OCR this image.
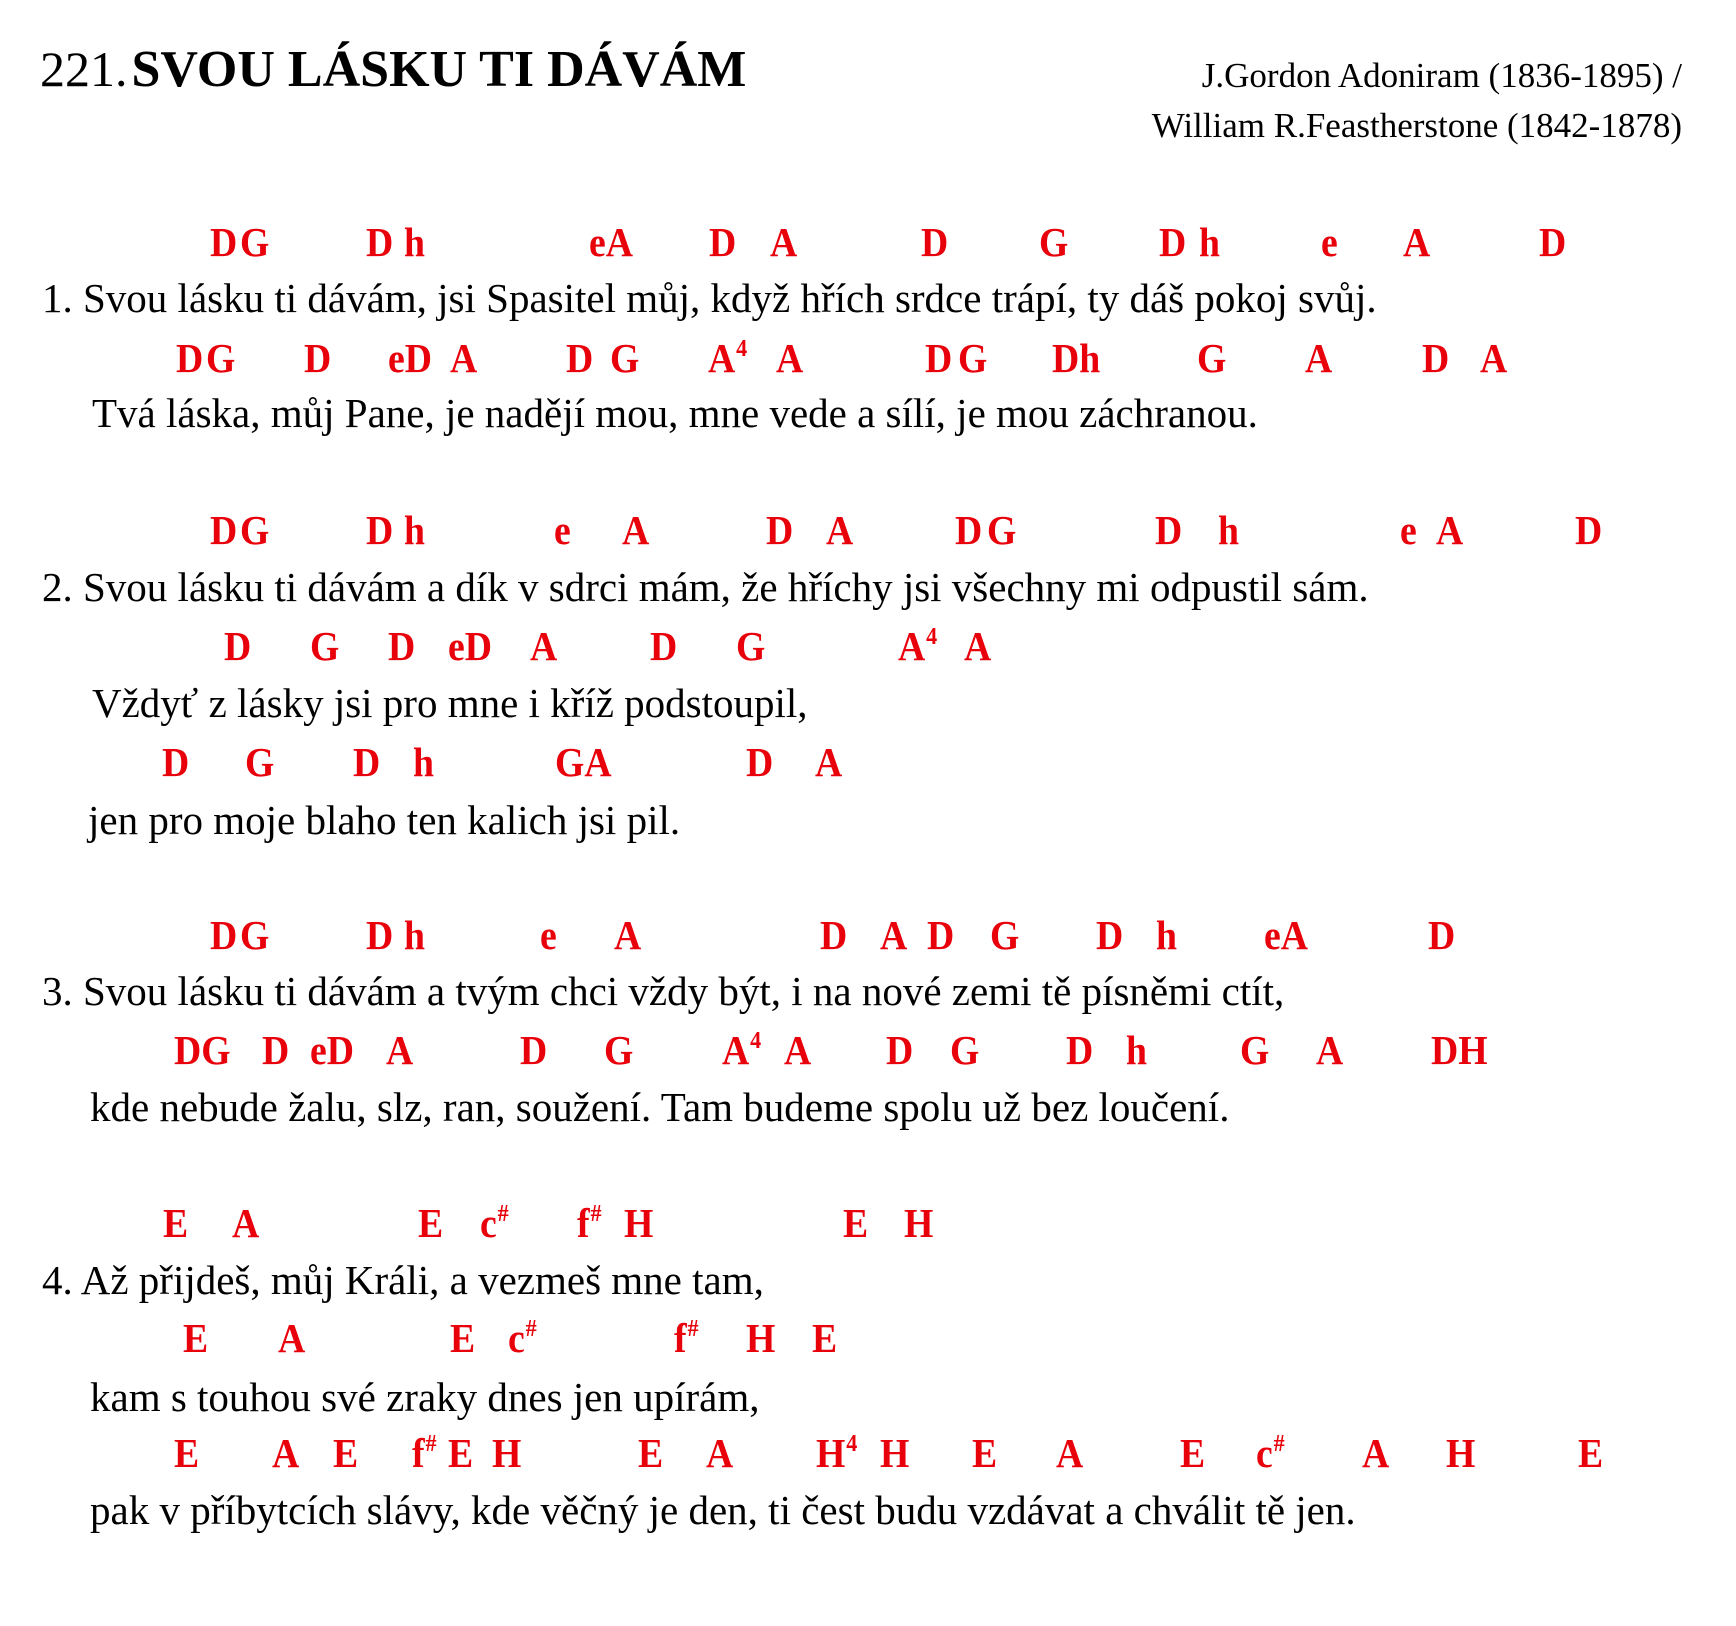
221. SVOU LÁSKU TI DÁVÁM	J.Gordon Adoniram (1836-1895) /
William R.Feastherstone (1842-1878)
D G D h	eA D A	D G D h e A	D
1. Svou lásku ti dávám, jsi Spasitel můj, když hřích srdce trápí, ty dáš pokoj svůj.
D G D eD A D G $A^4$ A	D G Dh G A D A
Tvá láska, můj Pane, je nadějí mou, mne vede a sílí, je mou záchranou.
D G D h	e A	D A D G	D h	e A	D
2. Svou lásku ti dávám a dík v sdrci mám, že hříchy jsi všechny mi odpustil sám.
D G D eD A D G	$A^4$ A
Vždyť z lásky jsi pro mne i kříž podstoupil,
D G D h	GA	D A
jen pro moje blaho ten kalich jsi pil.
D G D h	e A	D A D G D h eA	D
3. Svou lásku ti dávám a tvým chci vždy být, i na nové zemi tě písněmi ctít,
DG D eD A	D G $A^4$ A D G D h G A DH
kde nebude žalu, slz, ran, soužení. Tam budeme spolu už bez loučení.
E A	E c# f# H	E H
4. Až přijdeš, můj Králi, a vezmeš mne tam,
E A	E c#	f# H E
kam s touhou své zraky dnes jen upírám,
E A E f# E H	E A $H^4$ H E A E c# A H	E
pak v příbytcích slávy, kde věčný je den, ti čest budu vzdávat a chválit tě jen.
